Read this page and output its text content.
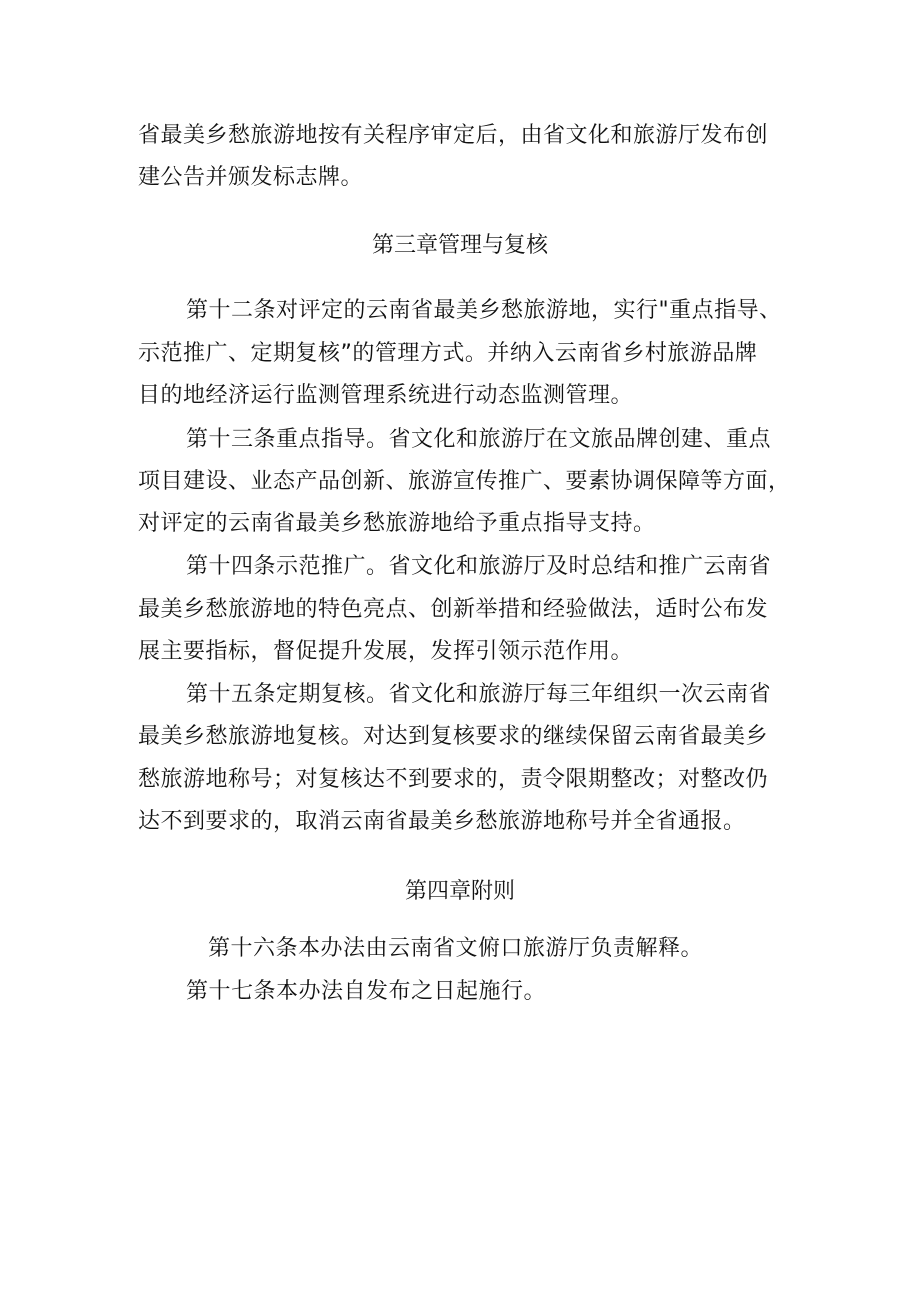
省最美乡愁旅游地按有关程序审定后，由省文化和旅游厅发布创
建公告并颁发标志牌。
第三章管理与复核
第十二条对评定的云南省最美乡愁旅游地，实行"重点指导、
示范推广、定期复核”的管理方式。并纳入云南省乡村旅游品牌
目的地经济运行监测管理系统进行动态监测管理。
第十三条重点指导。省文化和旅游厅在文旅品牌创建、重点
项目建设、业态产品创新、旅游宣传推广、要素协调保障等方面，
对评定的云南省最美乡愁旅游地给予重点指导支持。
第十四条示范推广。省文化和旅游厅及时总结和推广云南省
最美乡愁旅游地的特色亮点、创新举措和经验做法，适时公布发
展主要指标，督促提升发展，发挥引领示范作用。
第十五条定期复核。省文化和旅游厅每三年组织一次云南省
最美乡愁旅游地复核。对达到复核要求的继续保留云南省最美乡
愁旅游地称号；对复核达不到要求的，责令限期整改；对整改仍
达不到要求的，取消云南省最美乡愁旅游地称号并全省通报。
第四章附则
第十六条本办法由云南省文俯口旅游厅负责解释。
第十七条本办法自发布之日起施行。
